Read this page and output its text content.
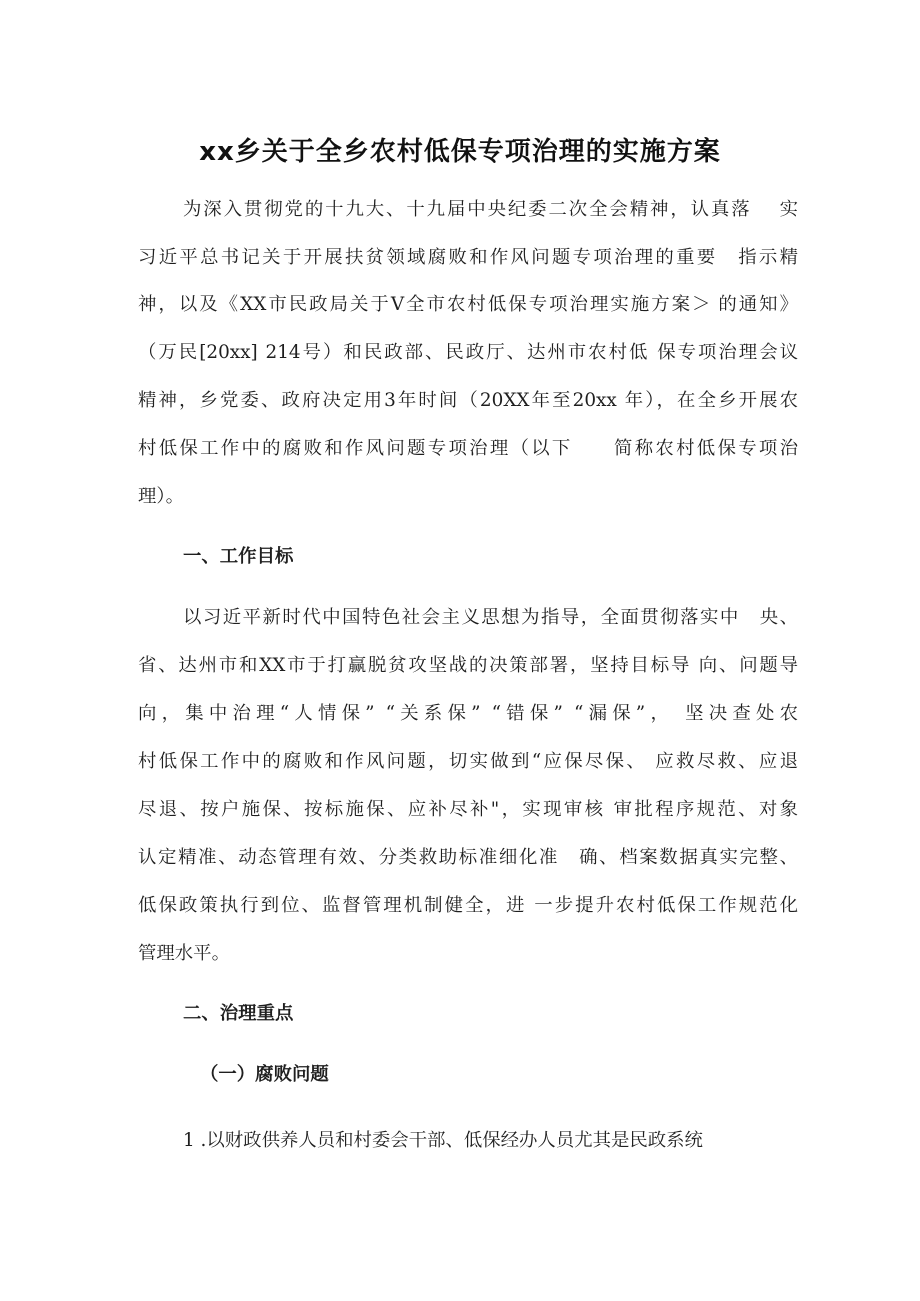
xx乡关于全乡农村低保专项治理的实施方案

为深入贯彻党的十九大、十九届中央纪委二次全会精神，认真落　 实

习近平总书记关于开展扶贫领域腐败和作风问题专项治理的重要　指示精

神，以及《XX市民政局关于V全市农村低保专项治理实施方案＞ 的通知》

（万民[20xx] 214号）和民政部、民政厅、达州市农村低 保专项治理会议

精神，乡党委、政府决定用3年时间（20XX年至20xx 年），在全乡开展农

村低保工作中的腐败和作风问题专项治理（以下　　简称农村低保专项治

理）。

一、工作目标

以习近平新时代中国特色社会主义思想为指导，全面贯彻落实中　央、

省、达州市和XX市于打赢脱贫攻坚战的决策部署，坚持目标导 向、问题导

向，集中治理“人情保” “关系保” “错保” “漏保”， 坚决查处农

村低保工作中的腐败和作风问题，切实做到“应保尽保、 应救尽救、应退

尽退、按户施保、按标施保、应补尽补"，实现审核 审批程序规范、对象

认定精准、动态管理有效、分类救助标准细化准　确、档案数据真实完整、

低保政策执行到位、监督管理机制健全，进 一步提升农村低保工作规范化

管理水平。

二、治理重点
（一）腐败问题

1 .以财政供养人员和村委会干部、低保经办人员尤其是民政系统
